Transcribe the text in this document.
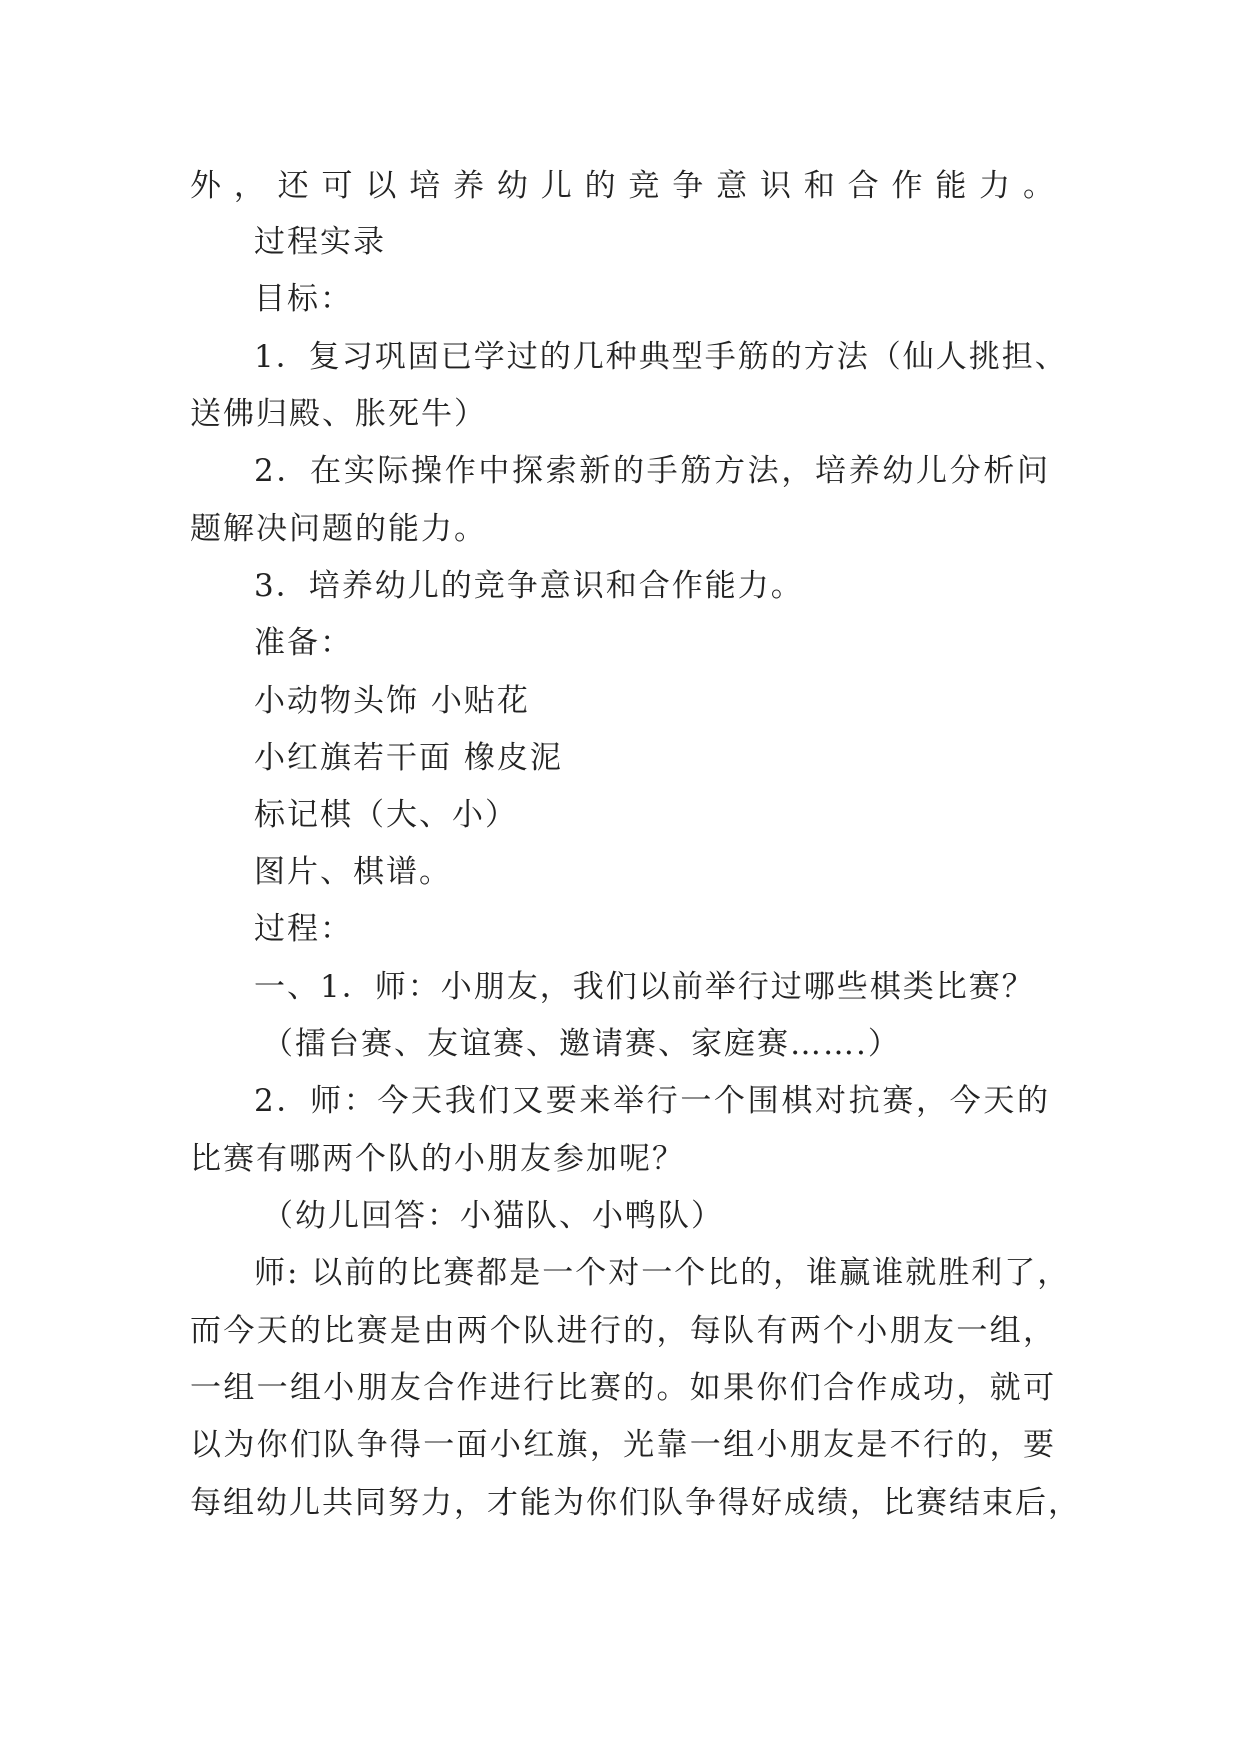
外，还可以培养幼儿的竞争意识和合作能力。
过程实录
目标：
1．复习巩固已学过的几种典型手筋的方法（仙人挑担、
送佛归殿、胀死牛）
2．在实际操作中探索新的手筋方法，培养幼儿分析问
题解决问题的能力。
3．培养幼儿的竞争意识和合作能力。
准备：
小动物头饰 小贴花
小红旗若干面 橡皮泥
标记棋（大、小）
图片、棋谱。
过程：
一、1．师：小朋友，我们以前举行过哪些棋类比赛？
（擂台赛、友谊赛、邀请赛、家庭赛…….）
2．师：今天我们又要来举行一个围棋对抗赛，今天的
比赛有哪两个队的小朋友参加呢？
（幼儿回答：小猫队、小鸭队）
师: 以前的比赛都是一个对一个比的，谁赢谁就胜利了，
而今天的比赛是由两个队进行的，每队有两个小朋友一组，
一组一组小朋友合作进行比赛的。如果你们合作成功，就可
以为你们队争得一面小红旗，光靠一组小朋友是不行的，要
每组幼儿共同努力，才能为你们队争得好成绩，比赛结束后，
